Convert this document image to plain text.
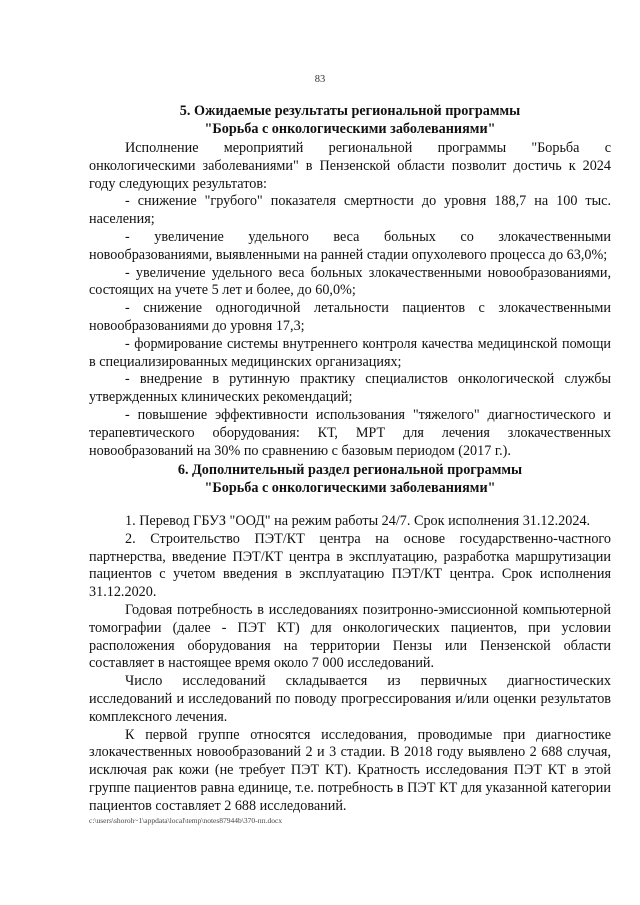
83
5. Ожидаемые результаты региональной программы
"Борьба с онкологическими заболеваниями"

Исполнение мероприятий региональной программы "Борьба с онкологическими заболеваниями" в Пензенской области позволит достичь к 2024 году следующих результатов:

- снижение "грубого" показателя смертности до уровня 188,7 на 100 тыс. населения;

- увеличение удельного веса больных со злокачественными новообразованиями, выявленными на ранней стадии опухолевого процесса до 63,0%;

- увеличение удельного веса больных злокачественными новообразованиями, состоящих на учете 5 лет и более, до 60,0%;

- снижение одногодичной летальности пациентов с злокачественными новообразованиями до уровня 17,3;

- формирование системы внутреннего контроля качества медицинской помощи в специализированных медицинских организациях;

- внедрение в рутинную практику специалистов онкологической службы утвержденных клинических рекомендаций;

- повышение эффективности использования "тяжелого" диагностического и терапевтического оборудования: КТ, МРТ для лечения злокачественных новообразований на 30% по сравнению с базовым периодом (2017 г.).

6. Дополнительный раздел региональной программы
"Борьба с онкологическими заболеваниями"

1. Перевод ГБУЗ "ООД" на режим работы 24/7. Срок исполнения 31.12.2024.

2. Строительство ПЭТ/КТ центра на основе государственно-частного партнерства, введение ПЭТ/КТ центра в эксплуатацию, разработка маршрутизации пациентов с учетом введения в эксплуатацию ПЭТ/КТ центра. Срок исполнения 31.12.2020.

Годовая потребность в исследованиях позитронно-эмиссионной компьютерной томографии (далее - ПЭТ КТ) для онкологических пациентов, при условии расположения оборудования на территории Пензы или Пензенской области составляет в настоящее время около 7 000 исследований.

Число исследований складывается из первичных диагностических исследований и исследований по поводу прогрессирования и/или оценки результатов комплексного лечения.

К первой группе относятся исследования, проводимые при диагностике злокачественных новообразований 2 и 3 стадии. В 2018 году выявлено 2 688 случая, исключая рак кожи (не требует ПЭТ КТ). Кратность исследования ПЭТ КТ в этой группе пациентов равна единице, т.е. потребность в ПЭТ КТ для указанной категории пациентов составляет 2 688 исследований.

c:\users\shoroh~1\appdata\local\temp\notes87944b\370-пп.docx
